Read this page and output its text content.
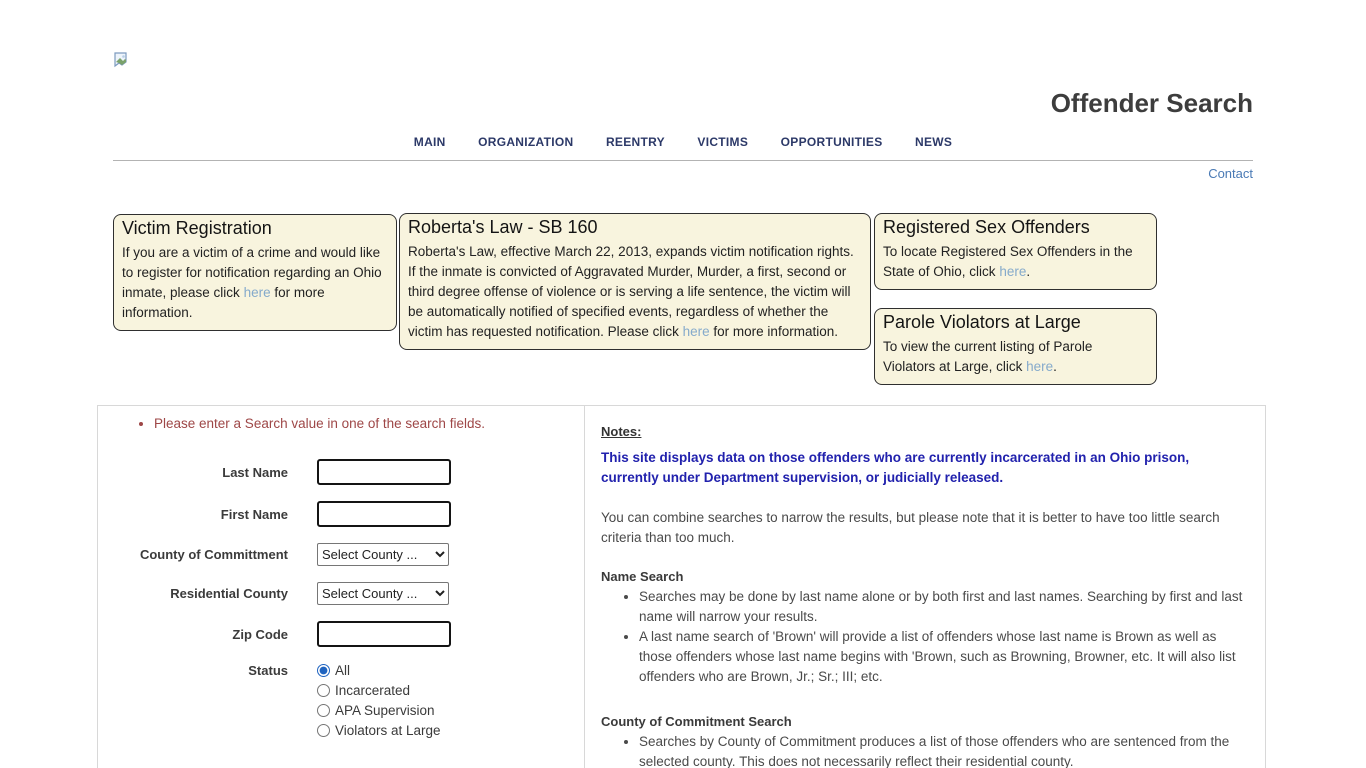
Offender Search
MAIN	ORGANIZATION	REENTRY	VICTIMS	OPPORTUNITIES	NEWS
Contact
Victim Registration

If you are a victim of a crime and would like to register for notification regarding an Ohio inmate, please click here for more information.

Roberta's Law - SB 160

Roberta's Law, effective March 22, 2013, expands victim notification rights. If the inmate is convicted of Aggravated Murder, Murder, a first, second or third degree offense of violence or is serving a life sentence, the victim will be automatically notified of specified events, regardless of whether the victim has requested notification. Please click here for more information.

Registered Sex Offenders

To locate Registered Sex Offenders in the State of Ohio, click here.

Parole Violators at Large

To view the current listing of Parole Violators at Large, click here.

• Please enter a Search value in one of the search fields.
Last Name
First Name
County of Committment
Select County ...
Residential County
Select County ...
Zip Code
Status	All
Incarcerated
APA Supervision
Violators at Large
Notes:

This site displays data on those offenders who are currently incarcerated in an Ohio prison, currently under Department supervision, or judicially released.

You can combine searches to narrow the results, but please note that it is better to have too little search criteria than too much.

Name Search
• Searches may be done by last name alone or by both first and last names. Searching by first and last name will narrow your results.
• A last name search of 'Brown' will provide a list of offenders whose last name is Brown as well as those offenders whose last name begins with 'Brown, such as Browning, Browner, etc. It will also list offenders who are Brown, Jr.; Sr.; III; etc.
County of Commitment Search
• Searches by County of Commitment produces a list of those offenders who are sentenced from the selected county. This does not necessarily reflect their residential county.
